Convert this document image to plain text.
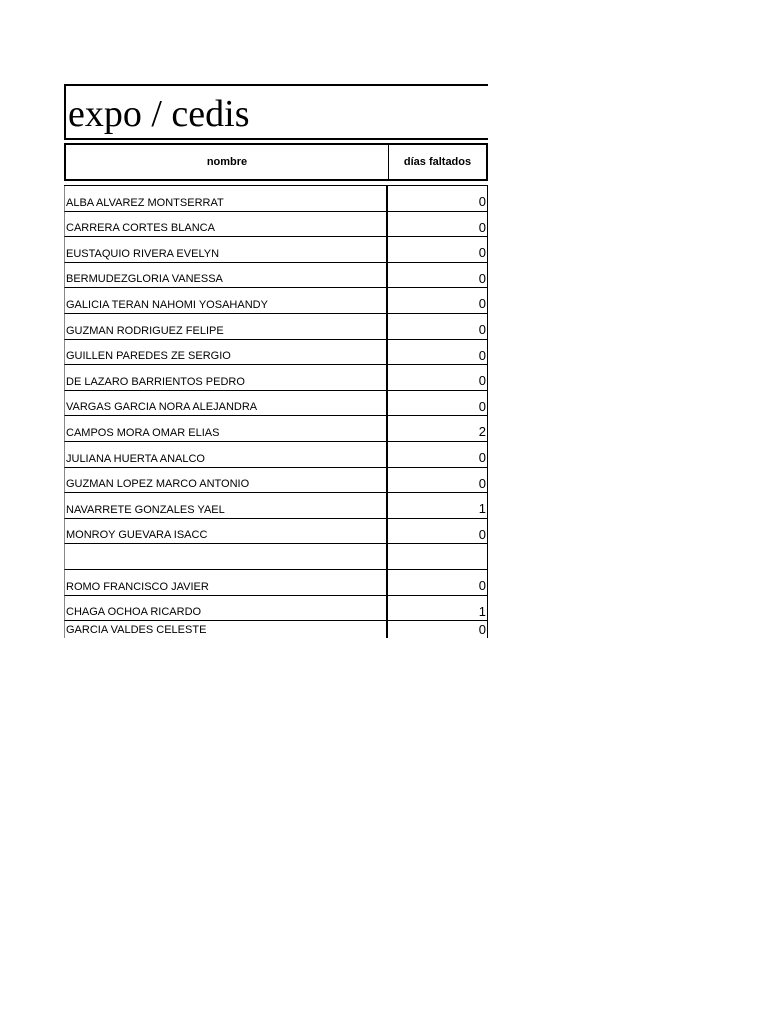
expo / cedis
nombre	días faltados
ALBA ALVAREZ MONTSERRAT	0
CARRERA CORTES BLANCA	0
EUSTAQUIO RIVERA EVELYN	0
BERMUDEZGLORIA VANESSA	0
GALICIA TERAN NAHOMI YOSAHANDY	0
GUZMAN RODRIGUEZ FELIPE	0
GUILLEN PAREDES ZE SERGIO	0
DE LAZARO BARRIENTOS PEDRO	0
VARGAS GARCIA NORA ALEJANDRA	0
CAMPOS MORA OMAR ELIAS	2
JULIANA HUERTA ANALCO	0
GUZMAN LOPEZ MARCO ANTONIO	0
NAVARRETE GONZALES YAEL	1
MONROY GUEVARA ISACC	0
ROMO FRANCISCO JAVIER	0
CHAGA OCHOA RICARDO	1
GARCIA VALDES CELESTE	0
